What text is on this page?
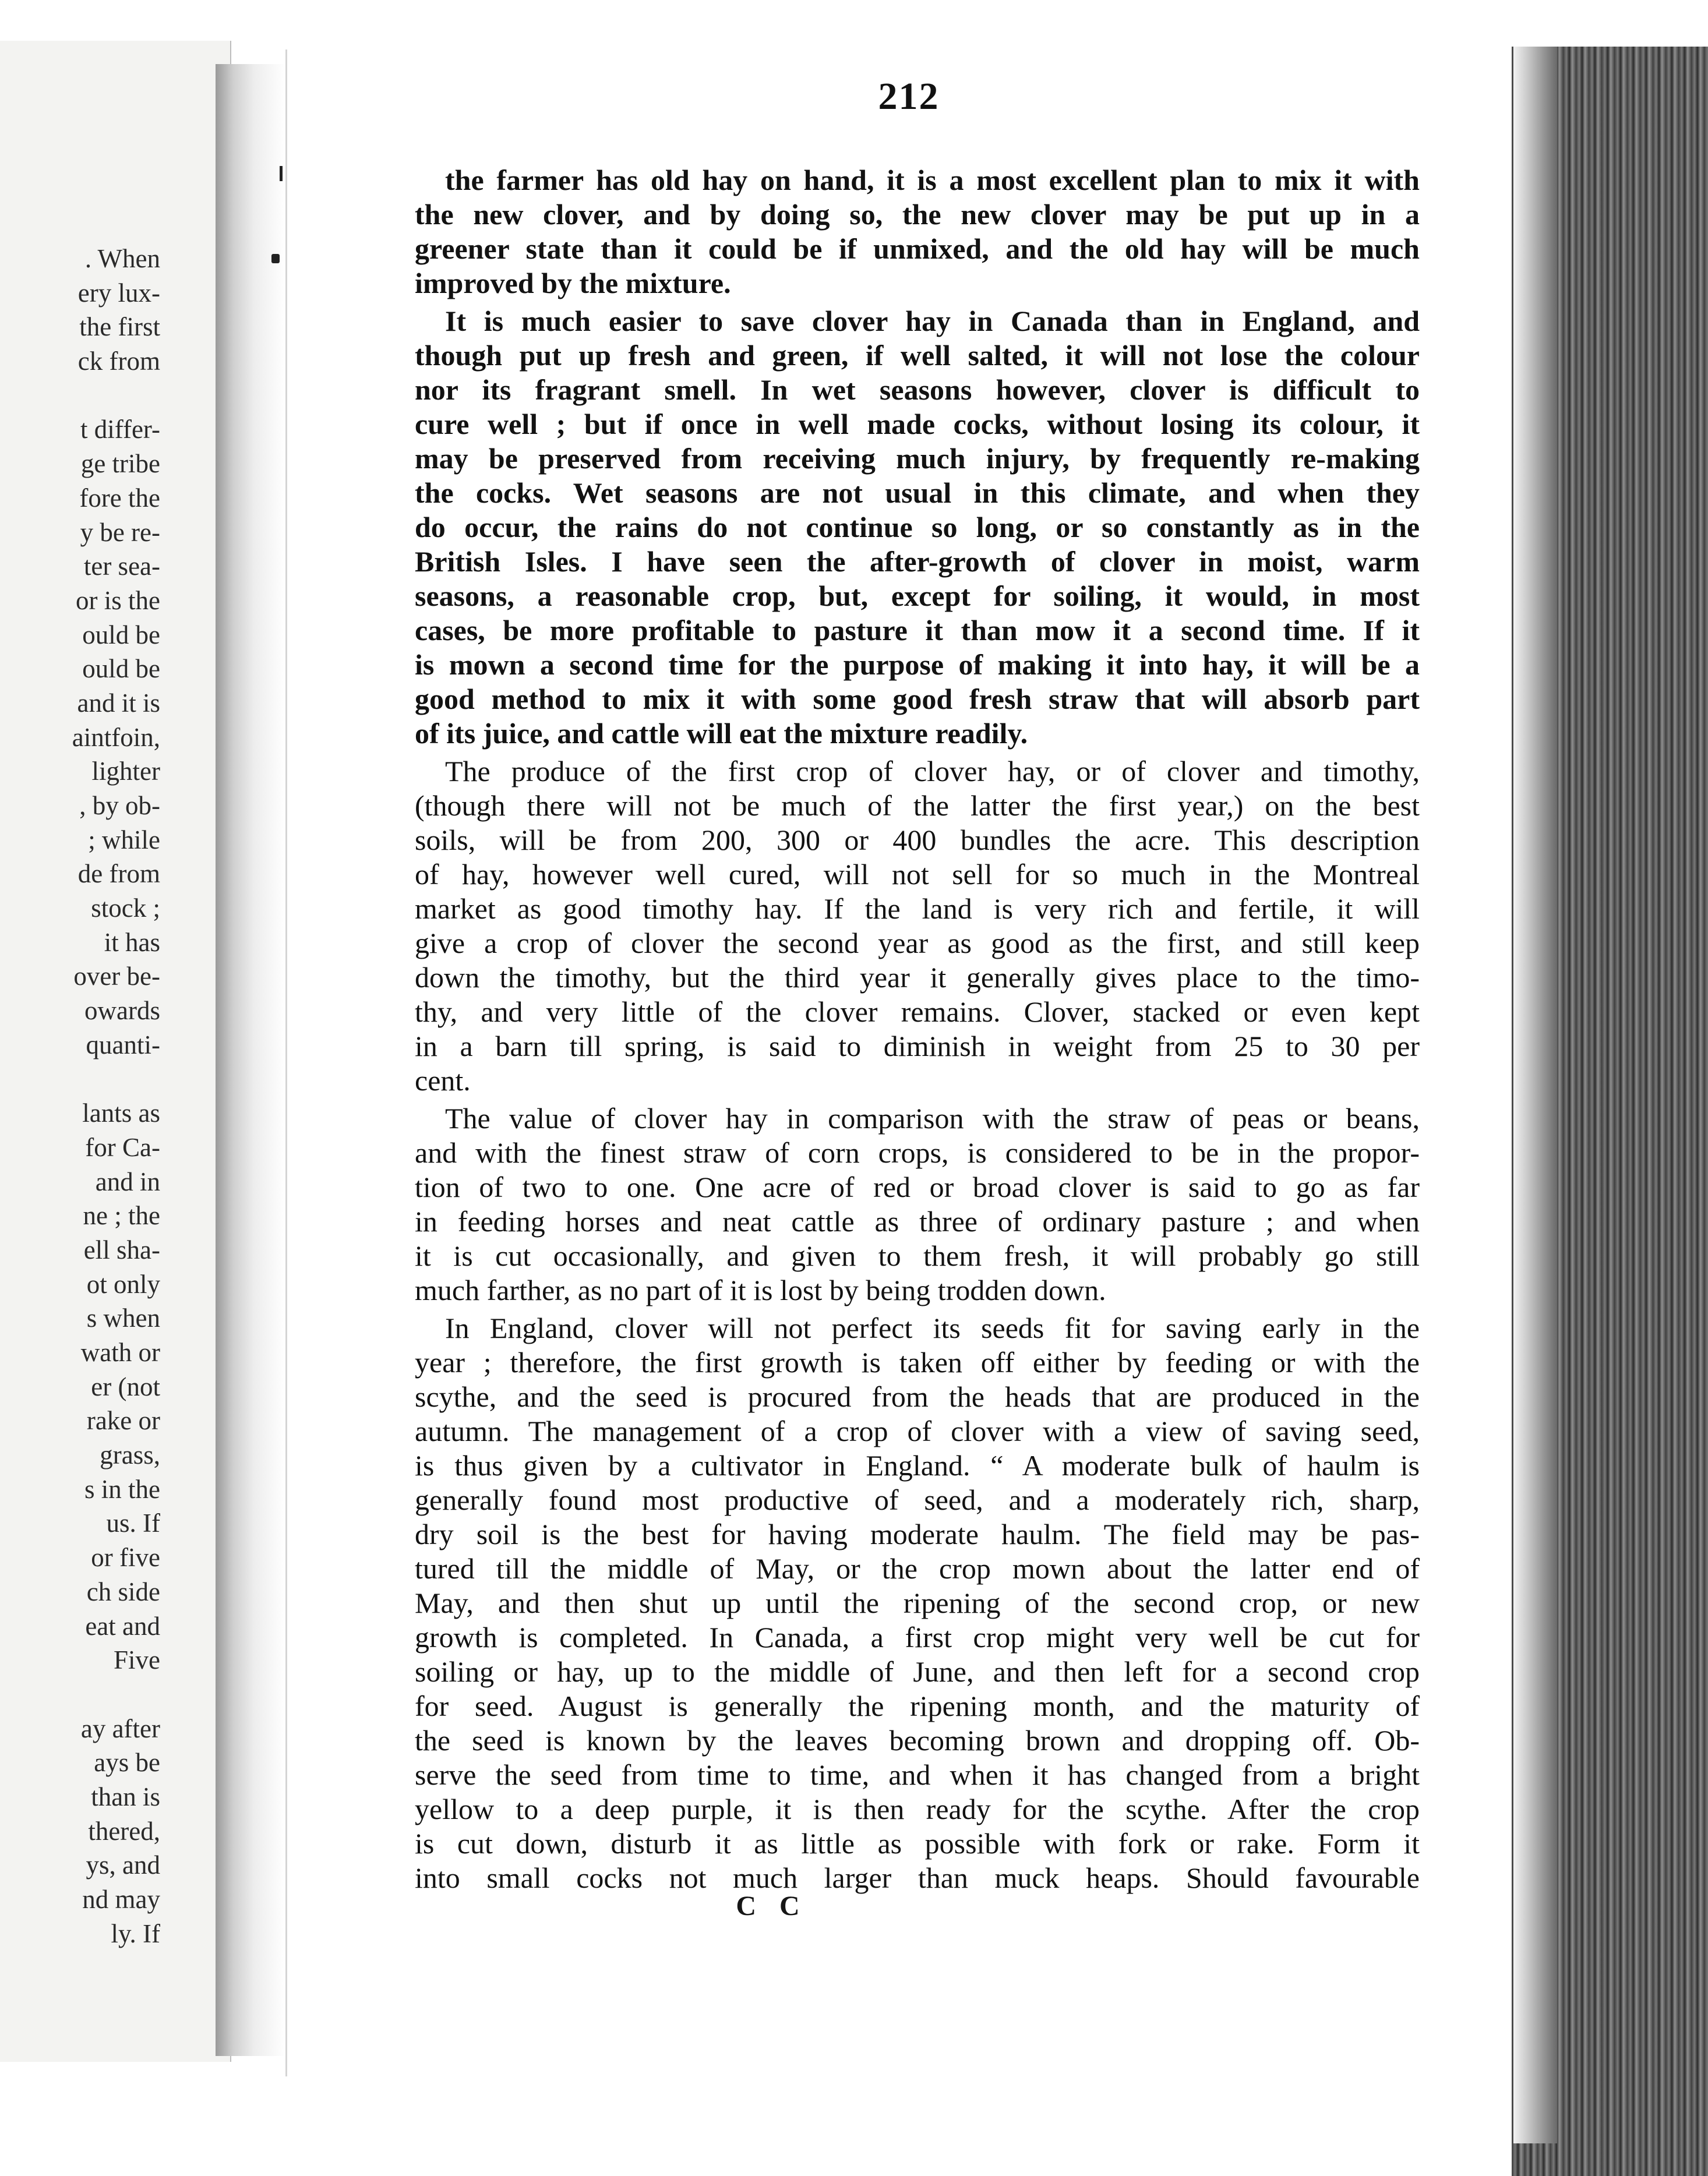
. When
ery lux-
the first
ck from
t differ-
ge tribe
fore the
y be re-
ter sea-
or is the
ould be
ould be
and it is
aintfoin,
lighter
, by ob-
; while
de from
stock ;
it has
over be-
owards
quanti-
lants as
for Ca-
and in
ne ; the
ell sha-
ot only
s when
wath or
er (not
rake or
grass,
s in the
us. If
or five
ch side
eat and
Five
ay after
ays be
than is
thered,
ys, and
nd may
ly. If
212
the farmer has old hay on hand, it is a most excellent plan to mix it with
the new clover, and by doing so, the new clover may be put up in a
greener state than it could be if unmixed, and the old hay will be much
improved by the mixture.
It is much easier to save clover hay in Canada than in England, and
though put up fresh and green, if well salted, it will not lose the colour
nor its fragrant smell. In wet seasons however, clover is difficult to
cure well ; but if once in well made cocks, without losing its colour, it
may be preserved from receiving much injury, by frequently re-making
the cocks. Wet seasons are not usual in this climate, and when they
do occur, the rains do not continue so long, or so constantly as in the
British Isles. I have seen the after-growth of clover in moist, warm
seasons, a reasonable crop, but, except for soiling, it would, in most
cases, be more profitable to pasture it than mow it a second time. If it
is mown a second time for the purpose of making it into hay, it will be a
good method to mix it with some good fresh straw that will absorb part
of its juice, and cattle will eat the mixture readily.
The produce of the first crop of clover hay, or of clover and timothy,
(though there will not be much of the latter the first year,) on the best
soils, will be from 200, 300 or 400 bundles the acre. This description
of hay, however well cured, will not sell for so much in the Montreal
market as good timothy hay. If the land is very rich and fertile, it will
give a crop of clover the second year as good as the first, and still keep
down the timothy, but the third year it generally gives place to the timo-
thy, and very little of the clover remains. Clover, stacked or even kept
in a barn till spring, is said to diminish in weight from 25 to 30 per
cent.
The value of clover hay in comparison with the straw of peas or beans,
and with the finest straw of corn crops, is considered to be in the propor-
tion of two to one. One acre of red or broad clover is said to go as far
in feeding horses and neat cattle as three of ordinary pasture ; and when
it is cut occasionally, and given to them fresh, it will probably go still
much farther, as no part of it is lost by being trodden down.
In England, clover will not perfect its seeds fit for saving early in the
year ; therefore, the first growth is taken off either by feeding or with the
scythe, and the seed is procured from the heads that are produced in the
autumn. The management of a crop of clover with a view of saving seed,
is thus given by a cultivator in England. “ A moderate bulk of haulm is
generally found most productive of seed, and a moderately rich, sharp,
dry soil is the best for having moderate haulm. The field may be pas-
tured till the middle of May, or the crop mown about the latter end of
May, and then shut up until the ripening of the second crop, or new
growth is completed. In Canada, a first crop might very well be cut for
soiling or hay, up to the middle of June, and then left for a second crop
for seed. August is generally the ripening month, and the maturity of
the seed is known by the leaves becoming brown and dropping off. Ob-
serve the seed from time to time, and when it has changed from a bright
yellow to a deep purple, it is then ready for the scythe. After the crop
is cut down, disturb it as little as possible with fork or rake. Form it
into small cocks not much larger than muck heaps. Should favourable
C C
